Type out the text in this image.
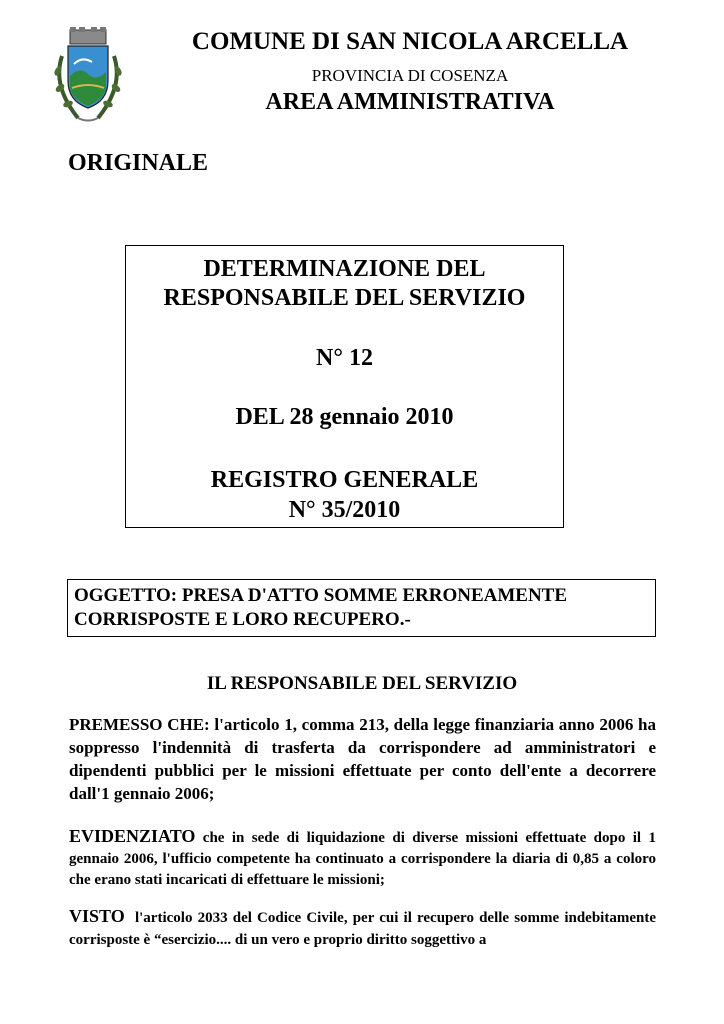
COMUNE DI SAN NICOLA ARCELLA
PROVINCIA DI COSENZA
AREA AMMINISTRATIVA
ORIGINALE
DETERMINAZIONE DEL
RESPONSABILE DEL SERVIZIO
N° 12
DEL 28 gennaio 2010
REGISTRO GENERALE
N° 35/2010
OGGETTO: PRESA D'ATTO SOMME ERRONEAMENTE
CORRISPOSTE E LORO RECUPERO.-
IL RESPONSABILE DEL SERVIZIO
PREMESSO CHE: l'articolo 1, comma 213, della legge finanziaria anno 2006 ha soppresso l'indennità di trasferta da corrispondere ad amministratori e dipendenti pubblici per le missioni effettuate per conto dell'ente a decorrere dall'1 gennaio 2006;
EVIDENZIATO che in sede di liquidazione di diverse missioni effettuate dopo il 1 gennaio 2006, l'ufficio competente ha continuato a corrispondere la diaria di 0,85 a coloro che erano stati incaricati di effettuare le missioni;
VISTO  l'articolo 2033 del Codice Civile, per cui il recupero delle somme indebitamente corrisposte è “esercizio.... di un vero e proprio diritto soggettivo a
